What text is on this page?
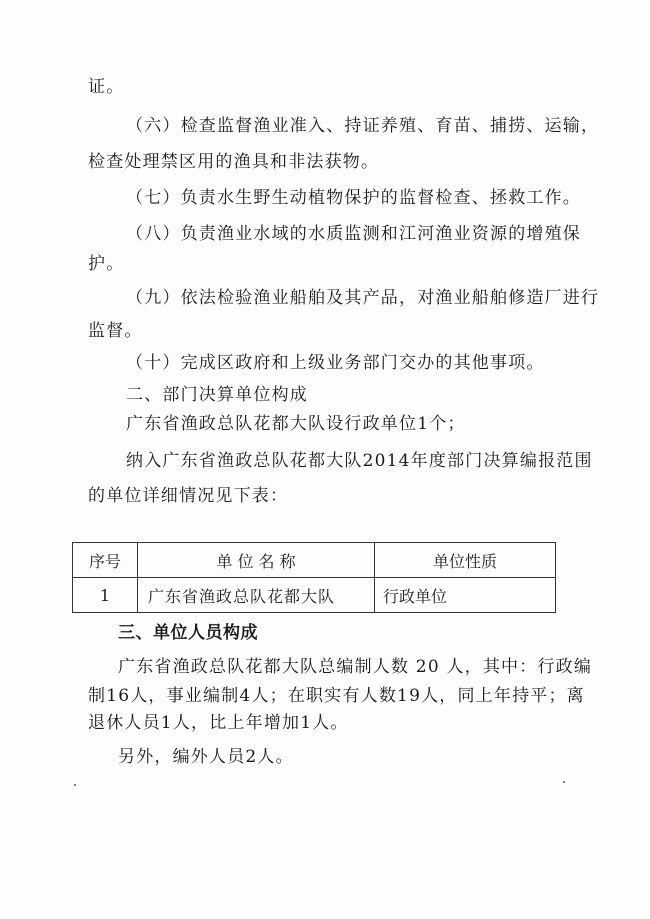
证。
（六）检查监督渔业准入、持证养殖、育苗、捕捞、运输，
检查处理禁区用的渔具和非法获物。
（七）负责水生野生动植物保护的监督检查、拯救工作。
（八）负责渔业水域的水质监测和江河渔业资源的增殖保
护。
（九）依法检验渔业船舶及其产品，对渔业船舶修造厂进行
监督。
（十）完成区政府和上级业务部门交办的其他事项。
二、部门决算单位构成
广东省渔政总队花都大队设行政单位1个；
纳入广东省渔政总队花都大队2014年度部门决算编报范围
的单位详细情况见下表：
序号	单 位 名 称	单位性质
1	广东省渔政总队花都大队	行政单位
三、单位人员构成
广东省渔政总队花都大队总编制人数 20 人，其中：行政编
制16人，事业编制4人；在职实有人数19人，同上年持平；离
退休人员1人，比上年增加1人。
另外，编外人员2人。
